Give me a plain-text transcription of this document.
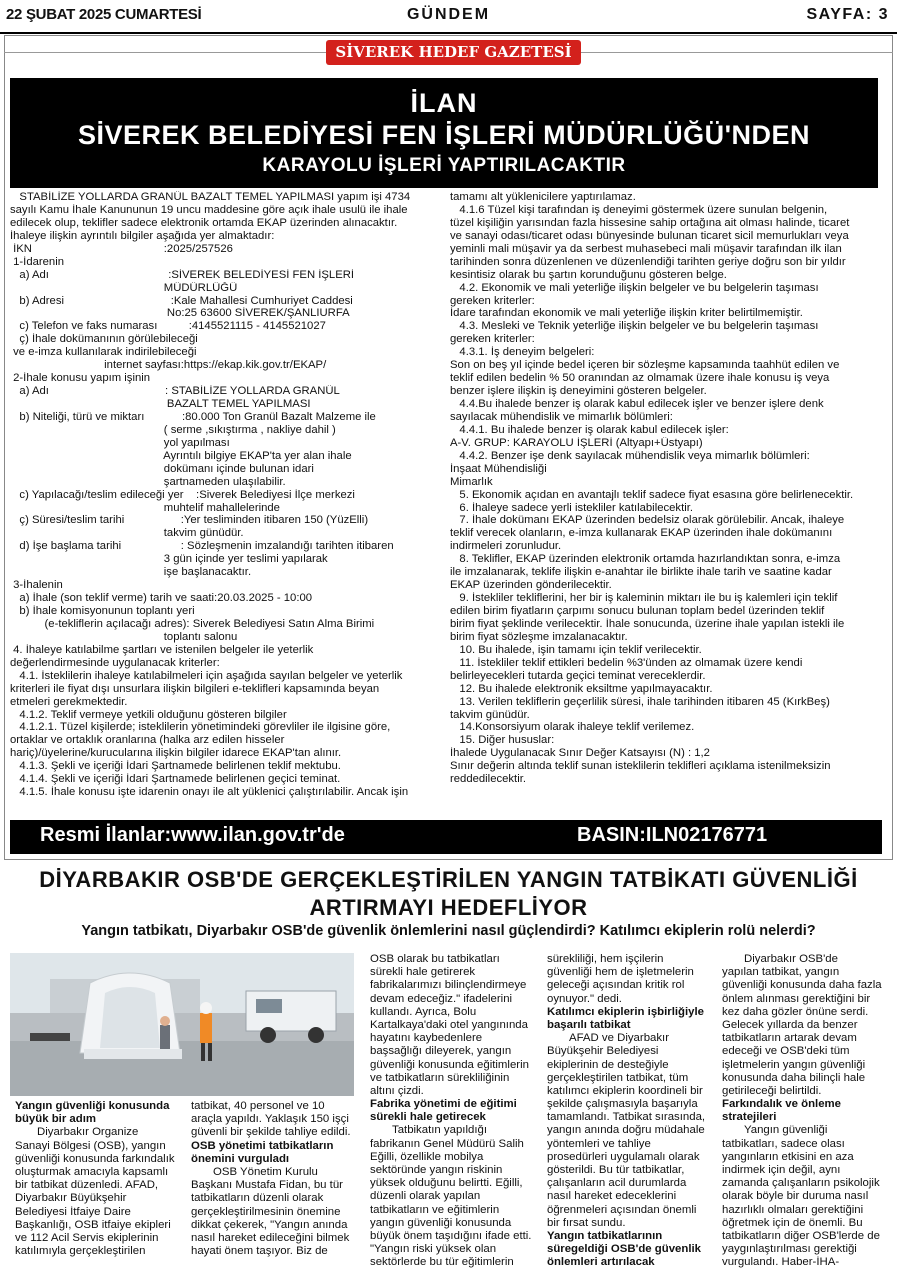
22 ŞUBAT 2025 CUMARTESİ	GÜNDEM	SAYFA: 3
SİVEREK HEDEF GAZETESİ
İLAN
SİVEREK BELEDİYESİ FEN İŞLERİ MÜDÜRLÜĞÜ'NDEN
KARAYOLU İŞLERİ YAPTIRILACAKTIR
STABİLİZE YOLLARDA GRANÜL BAZALT TEMEL YAPILMASI yapım işi 4734
sayılı Kamu İhale Kanununun 19 uncu maddesine göre açık ihale usulü ile ihale
edilecek olup, teklifler sadece elektronik ortamda EKAP üzerinden alınacaktır.
İhaleye ilişkin ayrıntılı bilgiler aşağıda yer almaktadır:
İKN                                          :2025/257526
1-İdarenin
a) Adı                                      :SİVEREK BELEDİYESİ FEN İŞLERİ
MÜDÜRLÜĞÜ
b) Adresi                                  :Kale Mahallesi Cumhuriyet Caddesi
No:25 63600 SİVEREK/ŞANLIURFA
c) Telefon ve faks numarası          :4145521115 - 4145521027
ç) İhale dokümanının görülebileceği
ve e-imza kullanılarak indirilebileceği
internet sayfası:https://ekap.kik.gov.tr/EKAP/
2-İhale konusu yapım işinin
a) Adı                                     : STABİLİZE YOLLARDA GRANÜL
BAZALT TEMEL YAPILMASI
b) Niteliği, türü ve miktarı            :80.000 Ton Granül Bazalt Malzeme ile
( serme ,sıkıştırma , nakliye dahil )
yol yapılması
Ayrıntılı bilgiye EKAP'ta yer alan ihale
dokümanı içinde bulunan idari
şartnameden ulaşılabilir.
c) Yapılacağı/teslim edileceği yer    :Siverek Belediyesi İlçe merkezi
muhtelif mahallelerinde
ç) Süresi/teslim tarihi                  :Yer tesliminden itibaren 150 (YüzElli)
takvim günüdür.
d) İşe başlama tarihi                   : Sözleşmenin imzalandığı tarihten itibaren
3 gün içinde yer teslimi yapılarak
işe başlanacaktır.
3-İhalenin
a) İhale (son teklif verme) tarih ve saati:20.03.2025 - 10:00
b) İhale komisyonunun toplantı yeri
(e-tekliflerin açılacağı adres): Siverek Belediyesi Satın Alma Birimi
toplantı salonu
4. İhaleye katılabilme şartları ve istenilen belgeler ile yeterlik
değerlendirmesinde uygulanacak kriterler:
4.1. İsteklilerin ihaleye katılabilmeleri için aşağıda sayılan belgeler ve yeterlik
kriterleri ile fiyat dışı unsurlara ilişkin bilgileri e-teklifleri kapsamında beyan
etmeleri gerekmektedir.
4.1.2. Teklif vermeye yetkili olduğunu gösteren bilgiler
4.1.2.1. Tüzel kişilerde; isteklilerin yönetimindeki görevliler ile ilgisine göre,
ortaklar ve ortaklık oranlarına (halka arz edilen hisseler
hariç)/üyelerine/kurucularına ilişkin bilgiler idarece EKAP'tan alınır.
4.1.3. Şekli ve içeriği İdari Şartnamede belirlenen teklif mektubu.
4.1.4. Şekli ve içeriği İdari Şartnamede belirlenen geçici teminat.
4.1.5. İhale konusu işte idarenin onayı ile alt yüklenici çalıştırılabilir. Ancak işin
tamamı alt yüklenicilere yaptırılamaz.
4.1.6 Tüzel kişi tarafından iş deneyimi göstermek üzere sunulan belgenin,
tüzel kişiliğin yarısından fazla hissesine sahip ortağına ait olması halinde, ticaret
ve sanayi odası/ticaret odası bünyesinde bulunan ticaret sicil memurlukları veya
yeminli mali müşavir ya da serbest muhasebeci mali müşavir tarafından ilk ilan
tarihinden sonra düzenlenen ve düzenlendiği tarihten geriye doğru son bir yıldır
kesintisiz olarak bu şartın korunduğunu gösteren belge.
4.2. Ekonomik ve mali yeterliğe ilişkin belgeler ve bu belgelerin taşıması
gereken kriterler:
İdare tarafından ekonomik ve mali yeterliğe ilişkin kriter belirtilmemiştir.
4.3. Mesleki ve Teknik yeterliğe ilişkin belgeler ve bu belgelerin taşıması
gereken kriterler:
4.3.1. İş deneyim belgeleri:
Son on beş yıl içinde bedel içeren bir sözleşme kapsamında taahhüt edilen ve
teklif edilen bedelin % 50 oranından az olmamak üzere ihale konusu iş veya
benzer işlere ilişkin iş deneyimini gösteren belgeler.
4.4.Bu ihalede benzer iş olarak kabul edilecek işler ve benzer işlere denk
sayılacak mühendislik ve mimarlık bölümleri:
4.4.1. Bu ihalede benzer iş olarak kabul edilecek işler:
A-V. GRUP: KARAYOLU İŞLERİ (Altyapı+Üstyapı)
4.4.2. Benzer işe denk sayılacak mühendislik veya mimarlık bölümleri:
İnşaat Mühendisliği
Mimarlık
5. Ekonomik açıdan en avantajlı teklif sadece fiyat esasına göre belirlenecektir.
6. İhaleye sadece yerli istekliler katılabilecektir.
7. İhale dokümanı EKAP üzerinden bedelsiz olarak görülebilir. Ancak, ihaleye
teklif verecek olanların, e-imza kullanarak EKAP üzerinden ihale dokümanını
indirmeleri zorunludur.
8. Teklifler, EKAP üzerinden elektronik ortamda hazırlandıktan sonra, e-imza
ile imzalanarak, teklife ilişkin e-anahtar ile birlikte ihale tarih ve saatine kadar
EKAP üzerinden gönderilecektir.
9. İstekliler tekliflerini, her bir iş kaleminin miktarı ile bu iş kalemleri için teklif
edilen birim fiyatların çarpımı sonucu bulunan toplam bedel üzerinden teklif
birim fiyat şeklinde verilecektir. İhale sonucunda, üzerine ihale yapılan istekli ile
birim fiyat sözleşme imzalanacaktır.
10. Bu ihalede, işin tamamı için teklif verilecektir.
11. İstekliler teklif ettikleri bedelin %3'ünden az olmamak üzere kendi
belirleyecekleri tutarda geçici teminat vereceklerdir.
12. Bu ihalede elektronik eksiltme yapılmayacaktır.
13. Verilen tekliflerin geçerlilik süresi, ihale tarihinden itibaren 45 (KırkBeş)
takvim günüdür.
14.Konsorsiyum olarak ihaleye teklif verilemez.
15. Diğer hususlar:
İhalede Uygulanacak Sınır Değer Katsayısı (N) : 1,2
Sınır değerin altında teklif sunan isteklilerin teklifleri açıklama istenilmeksizin
reddedilecektir.
Resmi İlanlar:www.ilan.gov.tr'de	BASIN:ILN02176771
DİYARBAKIR OSB'DE GERÇEKLEŞTİRİLEN YANGIN TATBİKATI GÜVENLİĞİ ARTIRMAYI HEDEFLİYOR
Yangın tatbikatı, Diyarbakır OSB'de güvenlik önlemlerini nasıl güçlendirdi? Katılımcı ekiplerin rolü nelerdi?
Yangın güvenliği konusunda
büyük bir adım
Diyarbakır Organize
Sanayi Bölgesi (OSB), yangın
güvenliği konusunda farkındalık
oluşturmak amacıyla kapsamlı
bir tatbikat düzenledi. AFAD,
Diyarbakır Büyükşehir
Belediyesi İtfaiye Daire
Başkanlığı, OSB itfaiye ekipleri
ve 112 Acil Servis ekiplerinin
katılımıyla gerçekleştirilen
tatbikat, 40 personel ve 10
araçla yapıldı. Yaklaşık 150 işçi
güvenli bir şekilde tahliye edildi.
OSB yönetimi tatbikatların
önemini vurguladı
OSB Yönetim Kurulu
Başkanı Mustafa Fidan, bu tür
tatbikatların düzenli olarak
gerçekleştirilmesinin önemine
dikkat çekerek, "Yangın anında
nasıl hareket edileceğini bilmek
hayati önem taşıyor. Biz de
OSB olarak bu tatbikatları
sürekli hale getirerek
fabrikalarımızı bilinçlendirmeye
devam edeceğiz." ifadelerini
kullandı. Ayrıca, Bolu
Kartalkaya'daki otel yangınında
hayatını kaybedenlere
başsağlığı dileyerek, yangın
güvenliği konusunda eğitimlerin
ve tatbikatların sürekliliğinin
altını çizdi.
Fabrika yönetimi de eğitimi
sürekli hale getirecek
Tatbikatın yapıldığı
fabrikanın Genel Müdürü Salih
Eğilli, özellikle mobilya
sektöründe yangın riskinin
yüksek olduğunu belirtti. Eğilli,
düzenli olarak yapılan
tatbikatların ve eğitimlerin
yangın güvenliği konusunda
büyük önem taşıdığını ifade etti.
"Yangın riski yüksek olan
sektörlerde bu tür eğitimlerin
sürekliliği, hem işçilerin
güvenliği hem de işletmelerin
geleceği açısından kritik rol
oynuyor." dedi.
Katılımcı ekiplerin işbirliğiyle
başarılı tatbikat
AFAD ve Diyarbakır
Büyükşehir Belediyesi
ekiplerinin de desteğiyle
gerçekleştirilen tatbikat, tüm
katılımcı ekiplerin koordineli bir
şekilde çalışmasıyla başarıyla
tamamlandı. Tatbikat sırasında,
yangın anında doğru müdahale
yöntemleri ve tahliye
prosedürleri uygulamalı olarak
gösterildi. Bu tür tatbikatlar,
çalışanların acil durumlarda
nasıl hareket edeceklerini
öğrenmeleri açısından önemli
bir fırsat sundu.
Yangın tatbikatlarının
süregeldiği OSB'de güvenlik
önlemleri artırılacak
Diyarbakır OSB'de
yapılan tatbikat, yangın
güvenliği konusunda daha fazla
önlem alınması gerektiğini bir
kez daha gözler önüne serdi.
Gelecek yıllarda da benzer
tatbikatların artarak devam
edeceği ve OSB'deki tüm
işletmelerin yangın güvenliği
konusunda daha bilinçli hale
getirileceği belirtildi.
Farkındalık ve önleme
stratejileri
Yangın güvenliği
tatbikatları, sadece olası
yangınların etkisini en aza
indirmek için değil, aynı
zamanda çalışanların psikolojik
olarak böyle bir duruma nasıl
hazırlıklı olmaları gerektiğini
öğretmek için de önemli. Bu
tatbikatların diğer OSB'lerde de
yaygınlaştırılması gerektiği
vurgulandı. Haber-İHA-
